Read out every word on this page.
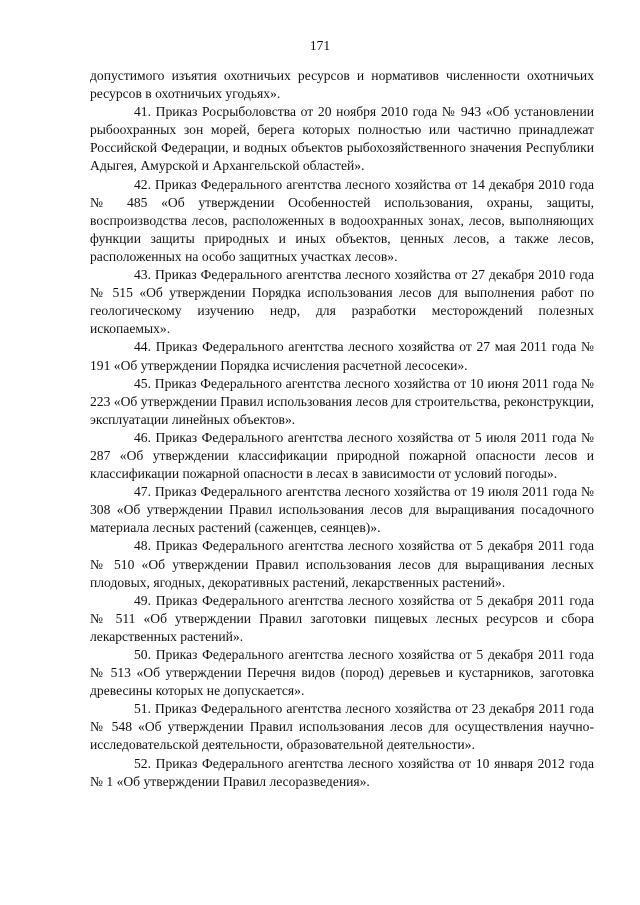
171

допустимого изъятия охотничьих ресурсов и нормативов численности охотничьих ресурсов в охотничьих угодьях».

41. Приказ Росрыболовства от 20 ноября 2010 года № 943 «Об установлении рыбоохранных зон морей, берега которых полностью или частично принадлежат Российской Федерации, и водных объектов рыбохозяйственного значения Республики Адыгея, Амурской и Архангельской областей».

42. Приказ Федерального агентства лесного хозяйства от 14 декабря 2010 года № 485 «Об утверждении Особенностей использования, охраны, защиты, воспроизводства лесов, расположенных в водоохранных зонах, лесов, выполняющих функции защиты природных и иных объектов, ценных лесов, а также лесов, расположенных на особо защитных участках лесов».

43. Приказ Федерального агентства лесного хозяйства от 27 декабря 2010 года № 515 «Об утверждении Порядка использования лесов для выполнения работ по геологическому изучению недр, для разработки месторождений полезных ископаемых».

44. Приказ Федерального агентства лесного хозяйства от 27 мая 2011 года № 191 «Об утверждении Порядка исчисления расчетной лесосеки».

45. Приказ Федерального агентства лесного хозяйства от 10 июня 2011 года № 223 «Об утверждении Правил использования лесов для строительства, реконструкции, эксплуатации линейных объектов».

46. Приказ Федерального агентства лесного хозяйства от 5 июля 2011 года № 287 «Об утверждении классификации природной пожарной опасности лесов и классификации пожарной опасности в лесах в зависимости от условий погоды».

47. Приказ Федерального агентства лесного хозяйства от 19 июля 2011 года № 308 «Об утверждении Правил использования лесов для выращивания посадочного материала лесных растений (саженцев, сеянцев)».

48. Приказ Федерального агентства лесного хозяйства от 5 декабря 2011 года № 510 «Об утверждении Правил использования лесов для выращивания лесных плодовых, ягодных, декоративных растений, лекарственных растений».

49. Приказ Федерального агентства лесного хозяйства от 5 декабря 2011 года № 511 «Об утверждении Правил заготовки пищевых лесных ресурсов и сбора лекарственных растений».

50. Приказ Федерального агентства лесного хозяйства от 5 декабря 2011 года № 513 «Об утверждении Перечня видов (пород) деревьев и кустарников, заготовка древесины которых не допускается».

51. Приказ Федерального агентства лесного хозяйства от 23 декабря 2011 года № 548 «Об утверждении Правил использования лесов для осуществления научно-исследовательской деятельности, образовательной деятельности».

52. Приказ Федерального агентства лесного хозяйства от 10 января 2012 года № 1 «Об утверждении Правил лесоразведения».
